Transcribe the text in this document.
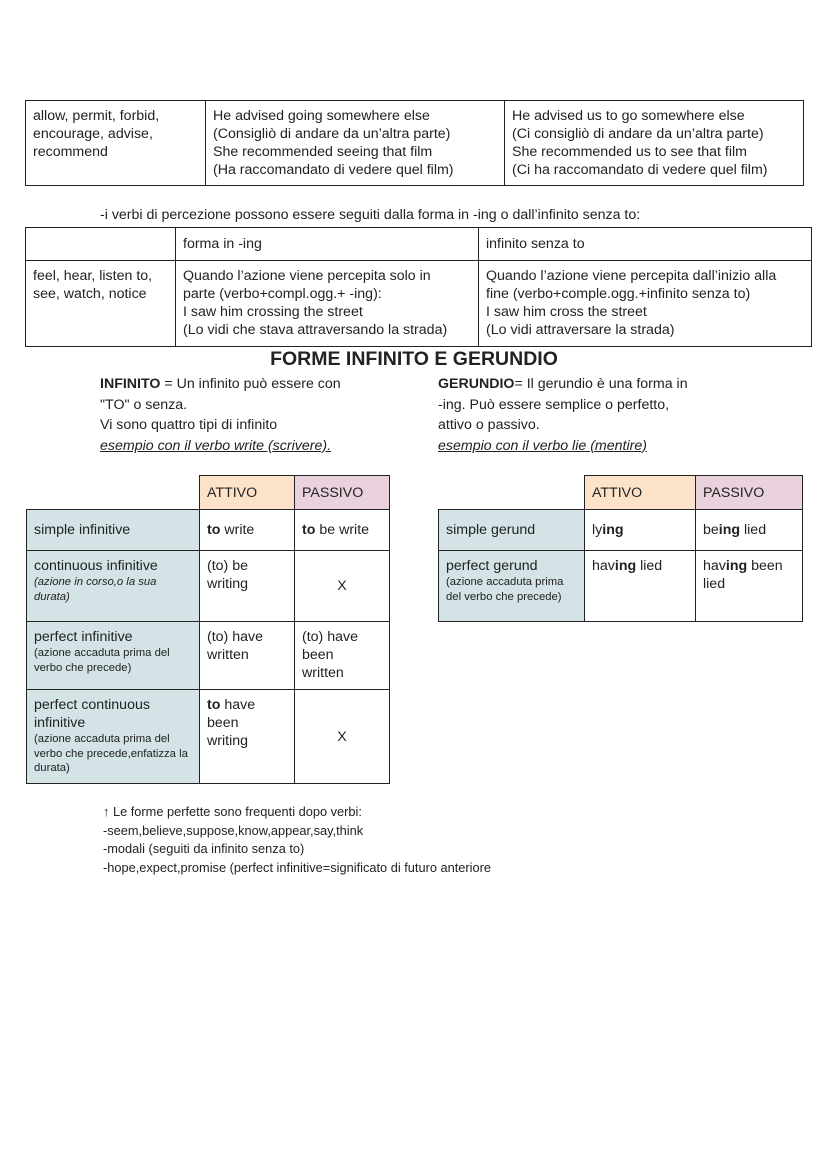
allow, permit, forbid,
encourage, advise,
recommend

He advised going somewhere else
(Consigliò di andare da un’altra parte)
She recommended seeing that film
(Ha raccomandato di vedere quel film)

He advised us to go somewhere else
(Ci consigliò di andare da un’altra parte)
She recommended us to see that film
(Ci ha raccomandato di vedere quel film)
-i verbi di percezione possono essere seguiti dalla forma in -ing o dall’infinito senza to:

	forma in -ing	infinito senza to

feel, hear, listen to,
see, watch, notice	Quando l’azione viene percepita solo in
parte (verbo+compl.ogg.+ -ing):
I saw him crossing the street
(Lo vidi che stava attraversando la strada)	Quando l’azione viene percepita dall’inizio alla
fine (verbo+comple.ogg.+infinito senza to)
I saw him cross the street
(Lo vidi attraversare la strada)
FORME INFINITO E GERUNDIO
INFINITO = Un infinito può essere con
"TO" o senza.
Vi sono quattro tipi di infinito
esempio con il verbo write (scrivere).
GERUNDIO= Il gerundio è una forma in
-ing. Può essere semplice o perfetto,
attivo o passivo.
esempio con il verbo lie (mentire)

	ATTIVO	PASSIVO

simple infinitive	to write	to be write

continuous infinitive
(azione in corso,o la sua durata)	(to) be
writing	X

perfect infinitive
(azione accaduta prima del verbo che precede)	(to) have
written	(to) have
been
written

perfect continuous
infinitive
(azione accaduta prima del verbo che precede,enfatizza la durata)	to have
been
writing	X

	ATTIVO	PASSIVO

simple gerund	lying	being lied

perfect gerund
(azione accaduta prima del verbo che precede)	having lied	having been
lied
↑ Le forme perfette sono frequenti dopo verbi:
-seem,believe,suppose,know,appear,say,think
-modali (seguiti da infinito senza to)
-hope,expect,promise (perfect infinitive=significato di futuro anteriore
